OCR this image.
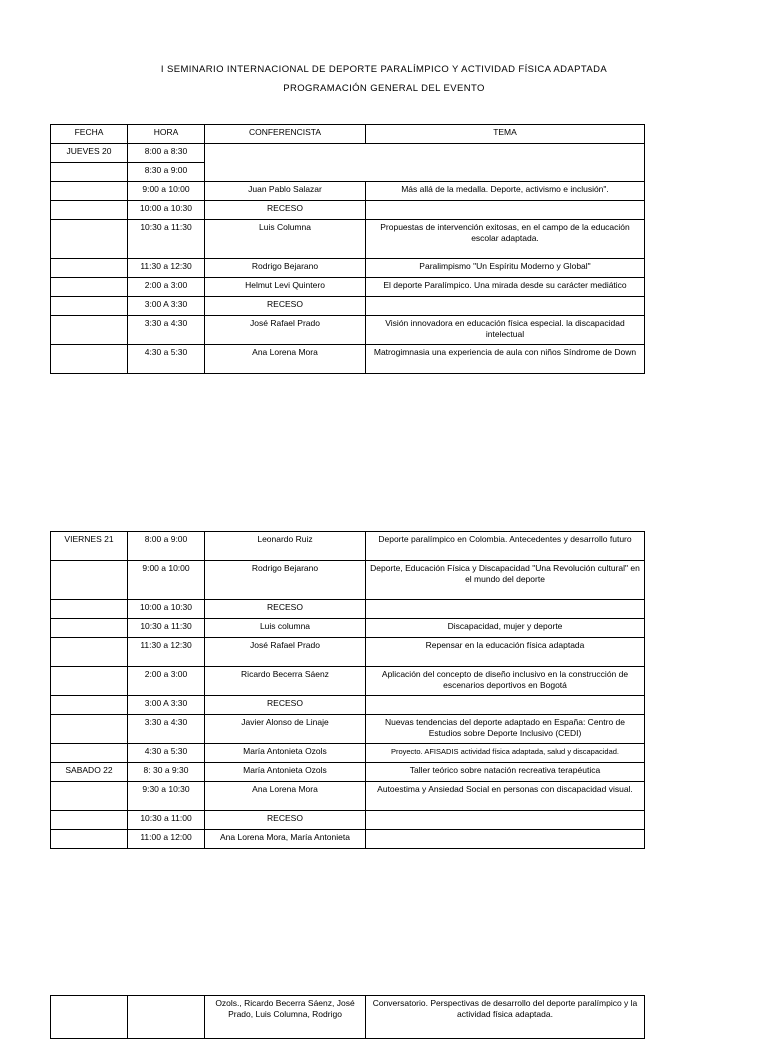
I SEMINARIO INTERNACIONAL DE DEPORTE PARALÍMPICO Y ACTIVIDAD FÍSICA ADAPTADA
PROGRAMACIÓN GENERAL DEL EVENTO
FECHA	HORA	CONFERENCISTA	TEMA
JUEVES 20	8:00 a 8:30		
	8:30 a 9:00		
	9:00 a 10:00	Juan Pablo Salazar	Más allá de la medalla. Deporte, activismo e inclusión".
	10:00 a 10:30	RECESO	
	10:30 a 11:30	Luis Columna	Propuestas de intervención exitosas, en el campo de la educación escolar adaptada.
	11:30 a 12:30	Rodrigo Bejarano	Paralimpismo "Un Espíritu Moderno y Global"
	2:00 a 3:00	Helmut Levi Quintero	El deporte Paralímpico. Una mirada desde su carácter mediático
	3:00 A 3:30	RECESO	
	3:30 a 4:30	José Rafael Prado	Visión innovadora en educación física especial. la discapacidad intelectual
	4:30 a 5:30	Ana Lorena Mora	Matrogimnasia una experiencia de aula con niños Síndrome de Down
VIERNES 21	8:00 a 9:00	Leonardo Ruiz	Deporte paralímpico en Colombia. Antecedentes y desarrollo futuro
	9:00 a 10:00	Rodrigo Bejarano	Deporte, Educación Física y Discapacidad "Una Revolución cultural" en el mundo del deporte
	10:00 a 10:30	RECESO	
	10:30 a 11:30	Luis columna	Discapacidad, mujer y deporte
	11:30 a 12:30	José Rafael Prado	Repensar en la educación física adaptada
	2:00 a 3:00	Ricardo Becerra Sáenz	Aplicación del concepto de diseño inclusivo en la construcción de escenarios deportivos en Bogotá
	3:00 A 3:30	RECESO	
	3:30 a 4:30	Javier Alonso de Linaje	Nuevas tendencias del deporte adaptado en España: Centro de Estudios sobre Deporte Inclusivo (CEDI)
	4:30 a 5:30	María Antonieta Ozols	Proyecto. AFISADIS actividad física adaptada, salud y discapacidad.
SABADO 22	8: 30 a 9:30	María Antonieta Ozols	Taller teórico sobre natación recreativa terapéutica
	9:30 a 10:30	Ana Lorena Mora	Autoestima y Ansiedad Social en personas con discapacidad visual.
	10:30 a 11:00	RECESO	
	11:00 a 12:00	Ana Lorena Mora, María Antonieta	
		Ozols., Ricardo Becerra Sáenz, José Prado, Luis Columna, Rodrigo	Conversatorio. Perspectivas de desarrollo del deporte paralímpico y la actividad física adaptada.
